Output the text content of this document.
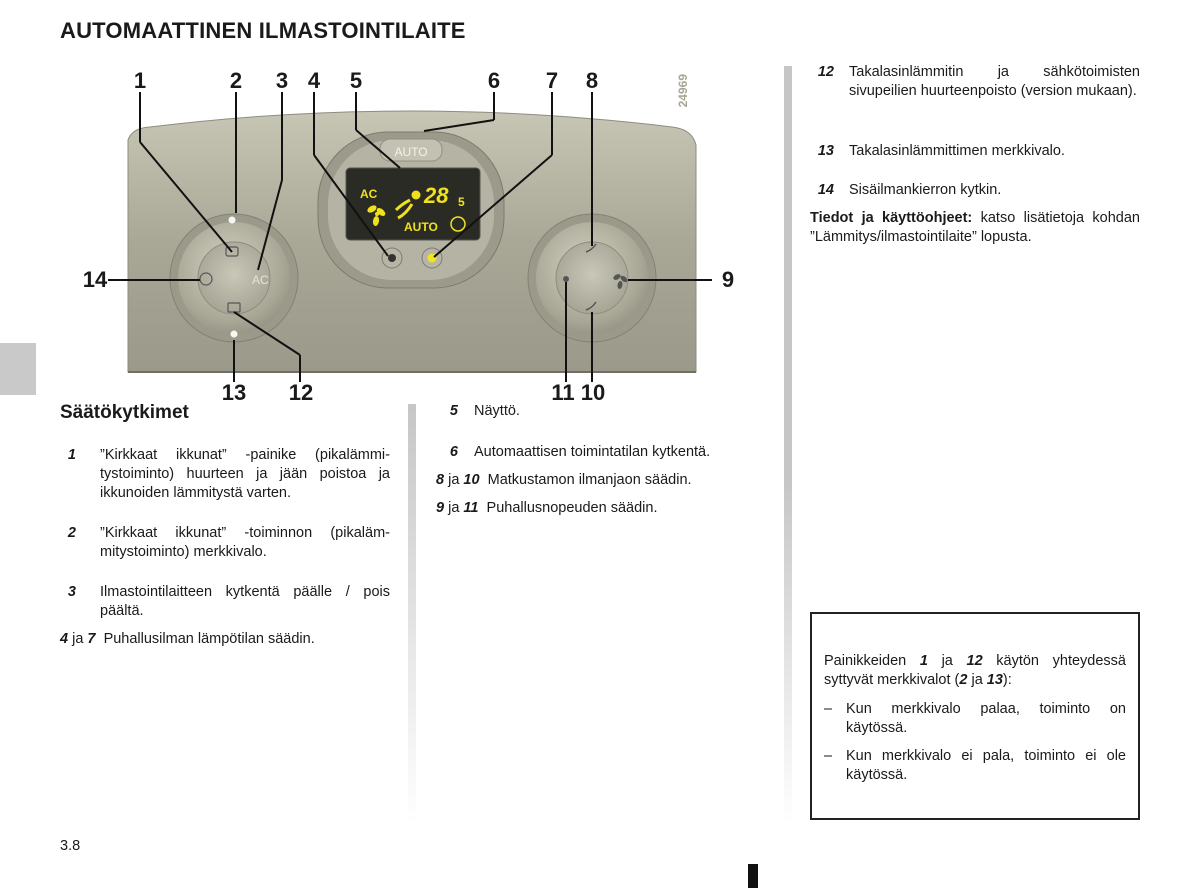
AUTOMAATTINEN ILMASTOINTILAITE
AUTO
AC 28 5
AUTO
AC
1	2	3 4	5	6	7	8
9
10
11
12
13
14
24969
Säätökytkimet
1	”Kirkkaat ikkunat” -painike (pikalämmitystoiminto) huurteen ja jään poistoa ja ikkunoiden lämmitystä varten.
2	”Kirkkaat ikkunat” -toiminnon (pikalämmitystoiminto) merkkivalo.
3	Ilmastointilaitteen kytkentä päälle / pois päältä.
4 ja 7 Puhallusilman lämpötilan säädin.
5	Näyttö.
6	Automaattisen toimintatilan kytkentä.
8 ja 10 Matkustamon ilmanjaon säädin.
9 ja 11 Puhallusnopeuden säädin.
12	Takalasinlämmitin ja sähkötoimisten sivupeilien huurteenpoisto (version mukaan).
13	Takalasinlämmittimen merkkivalo.
14	Sisäilmankierron kytkin.
Tiedot ja käyttöohjeet: katso lisätietoja kohdan ”Lämmitys/ilmastointilaite” lopusta.
Painikkeiden 1 ja 12 käytön yhteydessä syttyvät merkkivalot (2 ja 13):
– Kun merkkivalo palaa, toiminto on käytössä.
– Kun merkkivalo ei pala, toiminto ei ole käytössä.
3.8
